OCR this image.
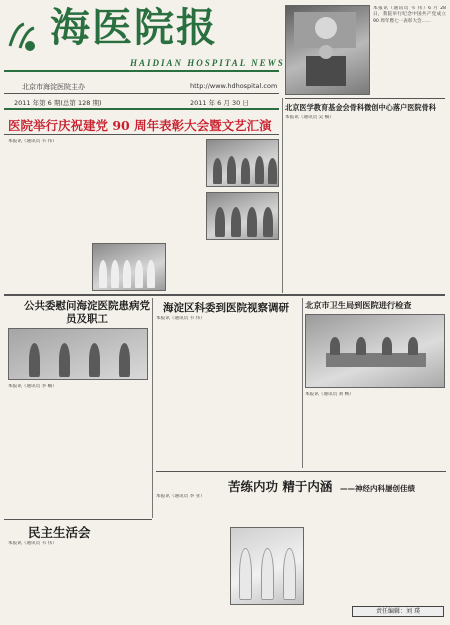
海医院报
HAIDIAN HOSPITAL NEWS
北京市海淀医院主办	http://www.hdhospital.com
2011 年第 6 期(总第 128 期)	2011 年 6 月 30 日
本报讯（通讯员 韦 伟）6 月 28 日，我院举行纪念中国共产党成立 90 周年暨七一表彰大会……
医院举行庆祝建党 90 周年表彰大会暨文艺汇演
本报讯（通讯员 韦 伟）
北京医学教育基金会骨科微创中心落户医院骨科
本报讯（通讯员 吴 楠）
公共委慰问海淀医院患病党员及职工
本报讯（通讯员 李 楠）
海淀区科委到医院视察调研
本报讯（通讯员 韦 伟）
北京市卫生局到医院进行检查
本报讯（通讯员 刘 畅）
苦练内功 精于内涵 ——神经内科屡创佳绩
本报讯（通讯员 李 亚）
民主生活会
本报讯（通讯员 韦 伟）
责任编辑：刘 璞
